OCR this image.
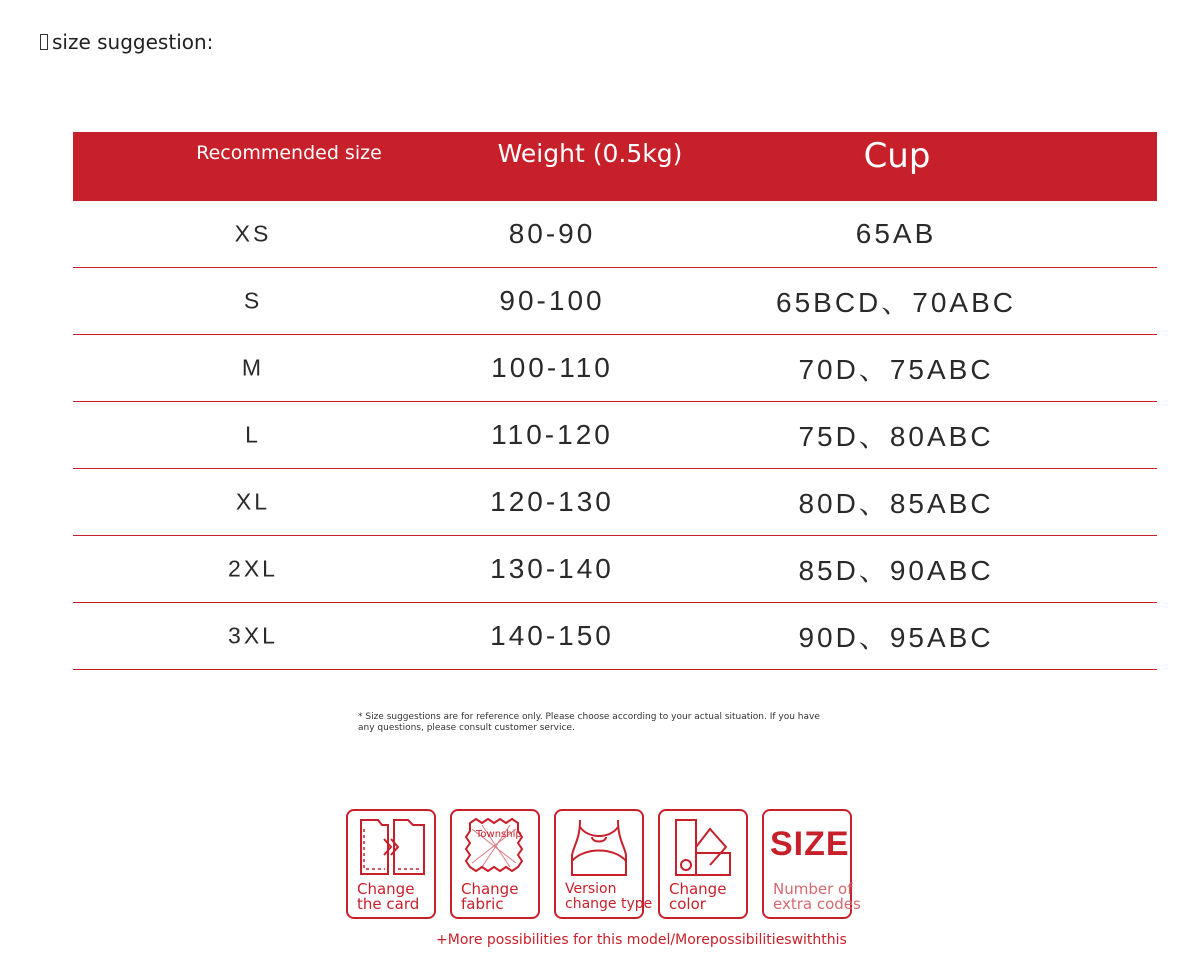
size suggestion:
Recommended size	Weight (0.5kg)	Cup
XS	80-90	65AB
S	90-100	65BCD、70ABC
M	100-110	70D、75ABC
L	110-120	75D、80ABC
XL	120-130	80D、85ABC
2XL	130-140	85D、90ABC
3XL	140-150	90D、95ABC
* Size suggestions are for reference only. Please choose according to your actual situation. If you have any questions, please consult customer service.
Change
the card
Township
Change
fabric
Version
change type
Change
color
SIZE
Number of
extra codes
+More possibilities for this model/Morepossibilitieswiththis
